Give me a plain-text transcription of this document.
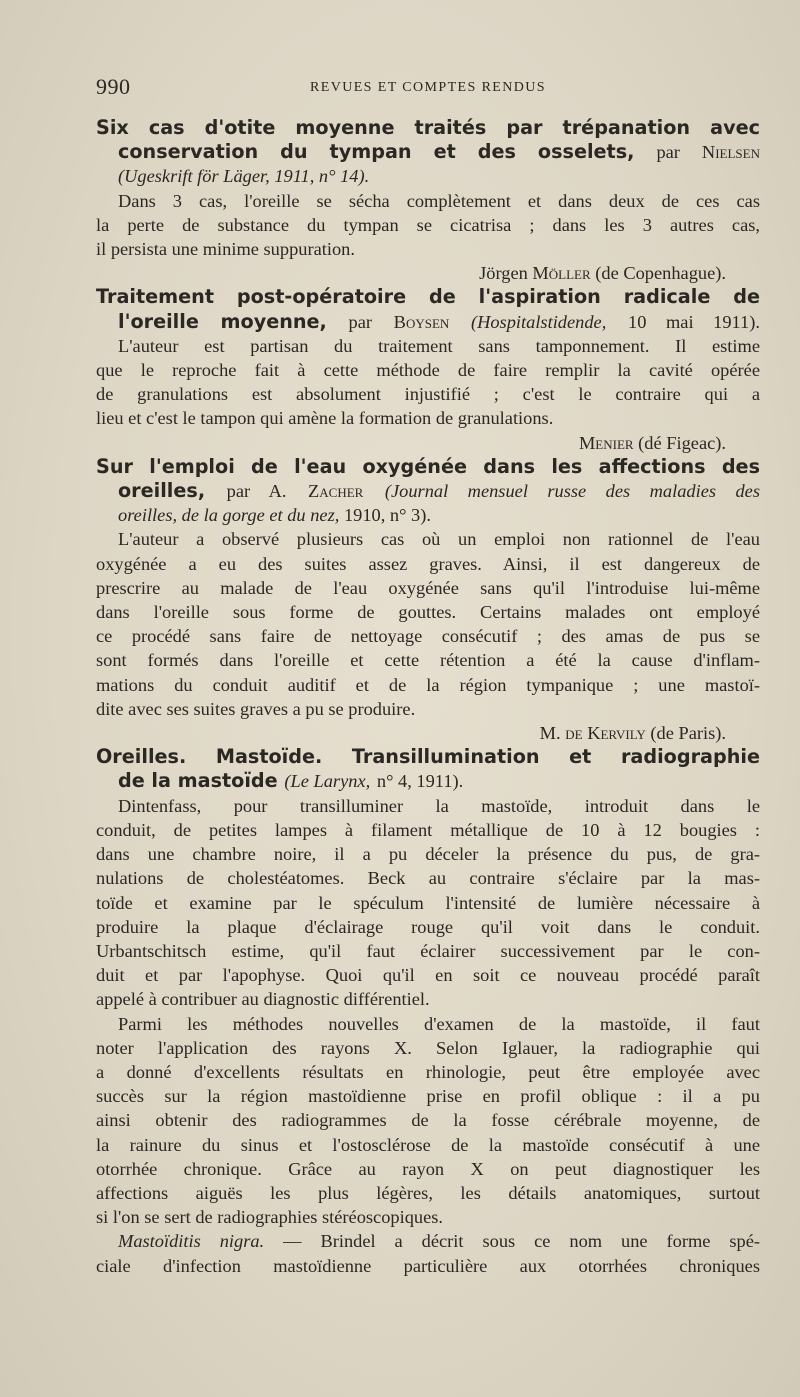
990	REVUES ET COMPTES RENDUS
Six cas d'otite moyenne traités par trépanation avec
conservation du tympan et des osselets, par Nielsen
(Ugeskrift för Läger, 1911, n° 14).
Dans 3 cas, l'oreille se sécha complètement et dans deux de ces cas
la perte de substance du tympan se cicatrisa ; dans les 3 autres cas,
il persista une minime suppuration.
Jörgen Möller (de Copenhague).
Traitement post-opératoire de l'aspiration radicale de
l'oreille moyenne, par Boysen (Hospitalstidende, 10 mai 1911).
L'auteur est partisan du traitement sans tamponnement. Il estime
que le reproche fait à cette méthode de faire remplir la cavité opérée
de granulations est absolument injustifié ; c'est le contraire qui a
lieu et c'est le tampon qui amène la formation de granulations.
Menier (dé Figeac).
Sur l'emploi de l'eau oxygénée dans les affections des
oreilles, par A. Zacher (Journal mensuel russe des maladies des
oreilles, de la gorge et du nez, 1910, n° 3).
L'auteur a observé plusieurs cas où un emploi non rationnel de l'eau
oxygénée a eu des suites assez graves. Ainsi, il est dangereux de
prescrire au malade de l'eau oxygénée sans qu'il l'introduise lui-même
dans l'oreille sous forme de gouttes. Certains malades ont employé
ce procédé sans faire de nettoyage consécutif ; des amas de pus se
sont formés dans l'oreille et cette rétention a été la cause d'inflam-
mations du conduit auditif et de la région tympanique ; une mastoï-
dite avec ses suites graves a pu se produire.
M. de Kervily (de Paris).
Oreilles. Mastoïde. Transillumination et radiographie
de la mastoïde (Le Larynx, n° 4, 1911).
Dintenfass, pour transilluminer la mastoïde, introduit dans le
conduit, de petites lampes à filament métallique de 10 à 12 bougies :
dans une chambre noire, il a pu déceler la présence du pus, de gra-
nulations de cholestéatomes. Beck au contraire s'éclaire par la mas-
toïde et examine par le spéculum l'intensité de lumière nécessaire à
produire la plaque d'éclairage rouge qu'il voit dans le conduit.
Urbantschitsch estime, qu'il faut éclairer successivement par le con-
duit et par l'apophyse. Quoi qu'il en soit ce nouveau procédé paraît
appelé à contribuer au diagnostic différentiel.
Parmi les méthodes nouvelles d'examen de la mastoïde, il faut
noter l'application des rayons X. Selon Iglauer, la radiographie qui
a donné d'excellents résultats en rhinologie, peut être employée avec
succès sur la région mastoïdienne prise en profil oblique : il a pu
ainsi obtenir des radiogrammes de la fosse cérébrale moyenne, de
la rainure du sinus et l'ostosclérose de la mastoïde consécutif à une
otorrhée chronique. Grâce au rayon X on peut diagnostiquer les
affections aiguës les plus légères, les détails anatomiques, surtout
si l'on se sert de radiographies stéréoscopiques.
Mastoïditis nigra. — Brindel a décrit sous ce nom une forme spé-
ciale d'infection mastoïdienne particulière aux otorrhées chroniques
